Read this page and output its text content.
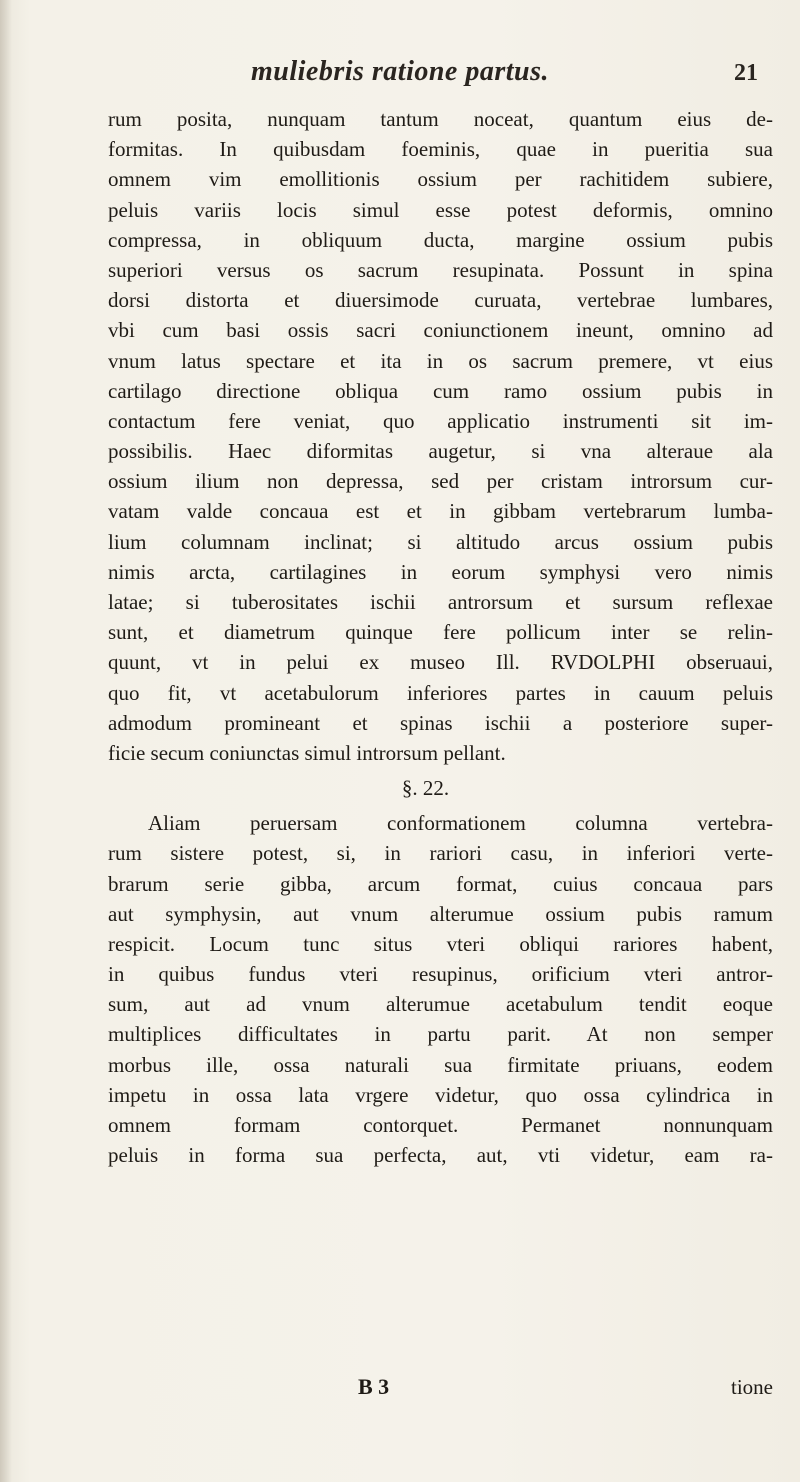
muliebris ratione partus.	21
rum posita, nunquam tantum noceat, quantum eius de-
formitas. In quibusdam foeminis, quae in pueritia sua
omnem vim emollitionis ossium per rachitidem subiere,
peluis variis locis simul esse potest deformis, omnino
compressa, in obliquum ducta, margine ossium pubis
superiori versus os sacrum resupinata. Possunt in spina
dorsi distorta et diuersimode curuata, vertebrae lumbares,
vbi cum basi ossis sacri coniunctionem ineunt, omnino ad
vnum latus spectare et ita in os sacrum premere, vt eius
cartilago directione obliqua cum ramo ossium pubis in
contactum fere veniat, quo applicatio instrumenti sit im-
possibilis. Haec diformitas augetur, si vna alteraue ala
ossium ilium non depressa, sed per cristam introrsum cur-
vatam valde concaua est et in gibbam vertebrarum lumba-
lium columnam inclinat; si altitudo arcus ossium pubis
nimis arcta, cartilagines in eorum symphysi vero nimis
latae; si tuberositates ischii antrorsum et sursum reflexae
sunt, et diametrum quinque fere pollicum inter se relin-
quunt, vt in pelui ex museo Ill. RVDOLPHI obseruaui,
quo fit, vt acetabulorum inferiores partes in cauum peluis
admodum promineant et spinas ischii a posteriore super-
ficie secum coniunctas simul introrsum pellant.
§. 22.
Aliam peruersam conformationem columna vertebra-
rum sistere potest, si, in rariori casu, in inferiori verte-
brarum serie gibba, arcum format, cuius concaua pars
aut symphysin, aut vnum alterumue ossium pubis ramum
respicit. Locum tunc situs vteri obliqui rariores habent,
in quibus fundus vteri resupinus, orificium vteri antror-
sum, aut ad vnum alterumue acetabulum tendit eoque
multiplices difficultates in partu parit. At non semper
morbus ille, ossa naturali sua firmitate priuans, eodem
impetu in ossa lata vrgere videtur, quo ossa cylindrica in
omnem formam contorquet. Permanet nonnunquam
peluis in forma sua perfecta, aut, vti videtur, eam ra-
B 3	tione
